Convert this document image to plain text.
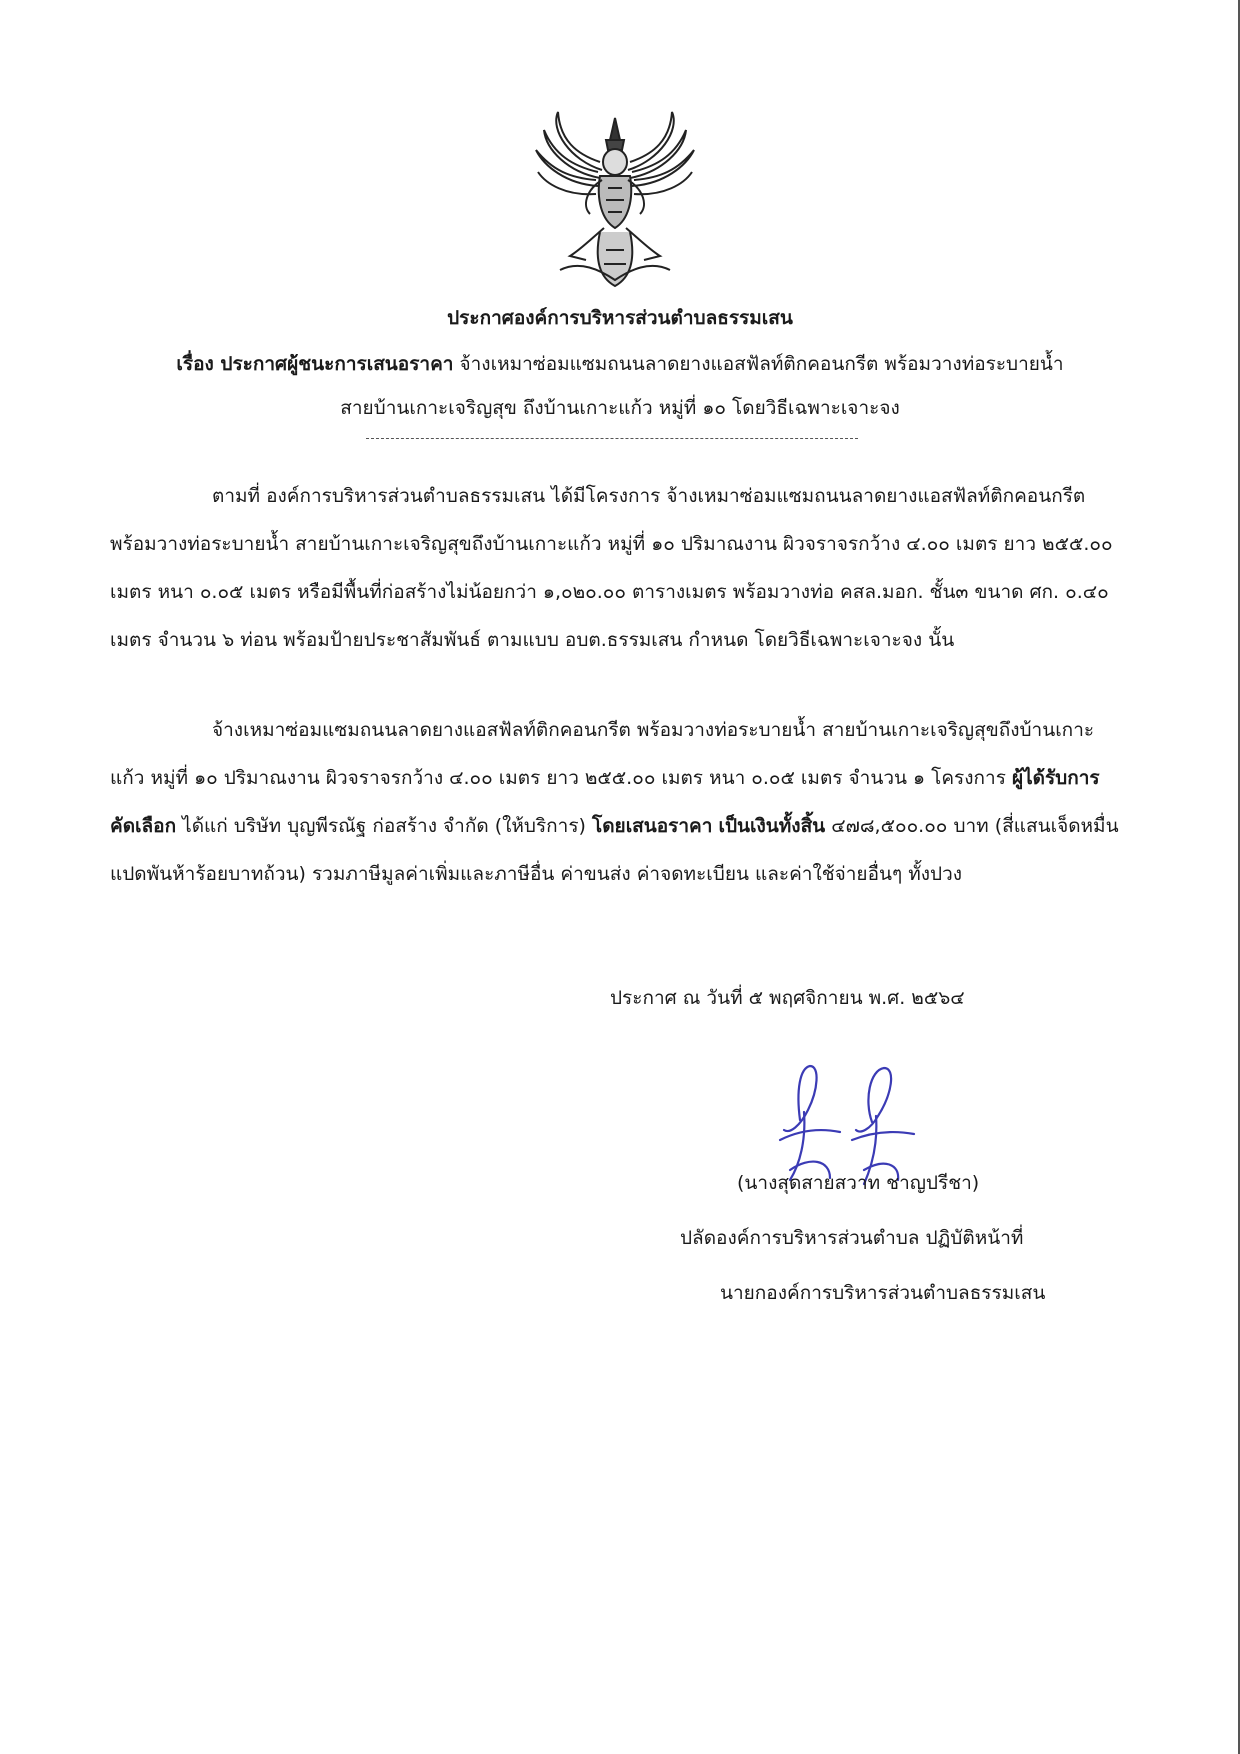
ประกาศองค์การบริหารส่วนตำบลธรรมเสน
เรื่อง ประกาศผู้ชนะการเสนอราคา จ้างเหมาซ่อมแซมถนนลาดยางแอสฟัลท์ติกคอนกรีต พร้อมวางท่อระบายน้ำ
สายบ้านเกาะเจริญสุข ถึงบ้านเกาะแก้ว หมู่ที่ ๑๐ โดยวิธีเฉพาะเจาะจง

ตามที่ องค์การบริหารส่วนตำบลธรรมเสน ได้มีโครงการ จ้างเหมาซ่อมแซมถนนลาดยางแอสฟัลท์ติกคอนกรีต พร้อมวางท่อระบายน้ำ สายบ้านเกาะเจริญสุขถึงบ้านเกาะแก้ว หมู่ที่ ๑๐ ปริมาณงาน ผิวจราจรกว้าง ๔.๐๐ เมตร ยาว ๒๕๕.๐๐ เมตร หนา ๐.๐๕ เมตร หรือมีพื้นที่ก่อสร้างไม่น้อยกว่า ๑,๐๒๐.๐๐ ตารางเมตร พร้อมวางท่อ คสล.มอก. ชั้น๓ ขนาด ศก. ๐.๔๐ เมตร จำนวน ๖ ท่อน พร้อมป้ายประชาสัมพันธ์ ตามแบบ อบต.ธรรมเสน กำหนด โดยวิธีเฉพาะเจาะจง นั้น

จ้างเหมาซ่อมแซมถนนลาดยางแอสฟัลท์ติกคอนกรีต พร้อมวางท่อระบายน้ำ สายบ้านเกาะเจริญสุขถึงบ้านเกาะแก้ว หมู่ที่ ๑๐ ปริมาณงาน ผิวจราจรกว้าง ๔.๐๐ เมตร ยาว ๒๕๕.๐๐ เมตร หนา ๐.๐๕ เมตร จำนวน ๑ โครงการ ผู้ได้รับการคัดเลือก ได้แก่ บริษัท บุญพีรณัฐ ก่อสร้าง จำกัด (ให้บริการ) โดยเสนอราคา เป็นเงินทั้งสิ้น ๔๗๘,๕๐๐.๐๐ บาท (สี่แสนเจ็ดหมื่นแปดพันห้าร้อยบาทถ้วน) รวมภาษีมูลค่าเพิ่มและภาษีอื่น ค่าขนส่ง ค่าจดทะเบียน และค่าใช้จ่ายอื่นๆ ทั้งปวง

ประกาศ ณ วันที่ ๕ พฤศจิกายน พ.ศ. ๒๕๖๔
(นางสุดสายสวาท ชาญปรีชา)
ปลัดองค์การบริหารส่วนตำบล ปฏิบัติหน้าที่
นายกองค์การบริหารส่วนตำบลธรรมเสน
